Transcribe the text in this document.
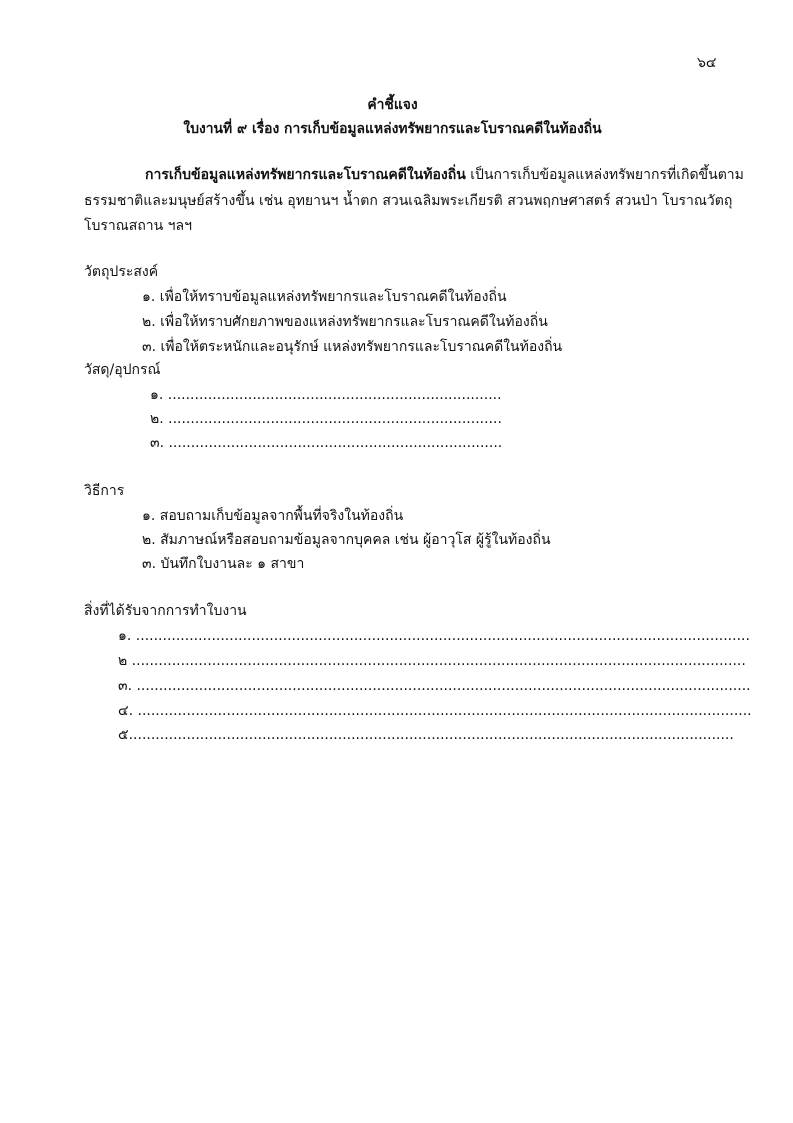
๖๔
คำชี้แจง
ใบงานที่ ๙ เรื่อง การเก็บข้อมูลแหล่งทรัพยากรและโบราณคดีในท้องถิ่น
การเก็บข้อมูลแหล่งทรัพยากรและโบราณคดีในท้องถิ่น เป็นการเก็บข้อมูลแหล่งทรัพยากรที่เกิดขึ้นตาม
ธรรมชาติและมนุษย์สร้างขึ้น เช่น อุทยานฯ น้ำตก สวนเฉลิมพระเกียรติ สวนพฤกษศาสตร์ สวนป่า โบราณวัตถุ
โบราณสถาน ฯลฯ
วัตถุประสงค์
๑. เพื่อให้ทราบข้อมูลแหล่งทรัพยากรและโบราณคดีในท้องถิ่น
๒. เพื่อให้ทราบศักยภาพของแหล่งทรัพยากรและโบราณคดีในท้องถิ่น
๓. เพื่อให้ตระหนักและอนุรักษ์ แหล่งทรัพยากรและโบราณคดีในท้องถิ่น
วัสดุ/อุปกรณ์
๑. ...........................................................................
๒. ...........................................................................
๓. ...........................................................................
วิธีการ
๑. สอบถามเก็บข้อมูลจากพื้นที่จริงในท้องถิ่น
๒. สัมภาษณ์หรือสอบถามข้อมูลจากบุคคล เช่น ผู้อาวุโส ผู้รู้ในท้องถิ่น
๓. บันทึกใบงานละ ๑ สาขา
สิ่งที่ได้รับจากการทำใบงาน
๑. ..........................................................................................................................................
๒ ..........................................................................................................................................
๓. ..........................................................................................................................................
๔. ..........................................................................................................................................
๕........................................................................................................................................
